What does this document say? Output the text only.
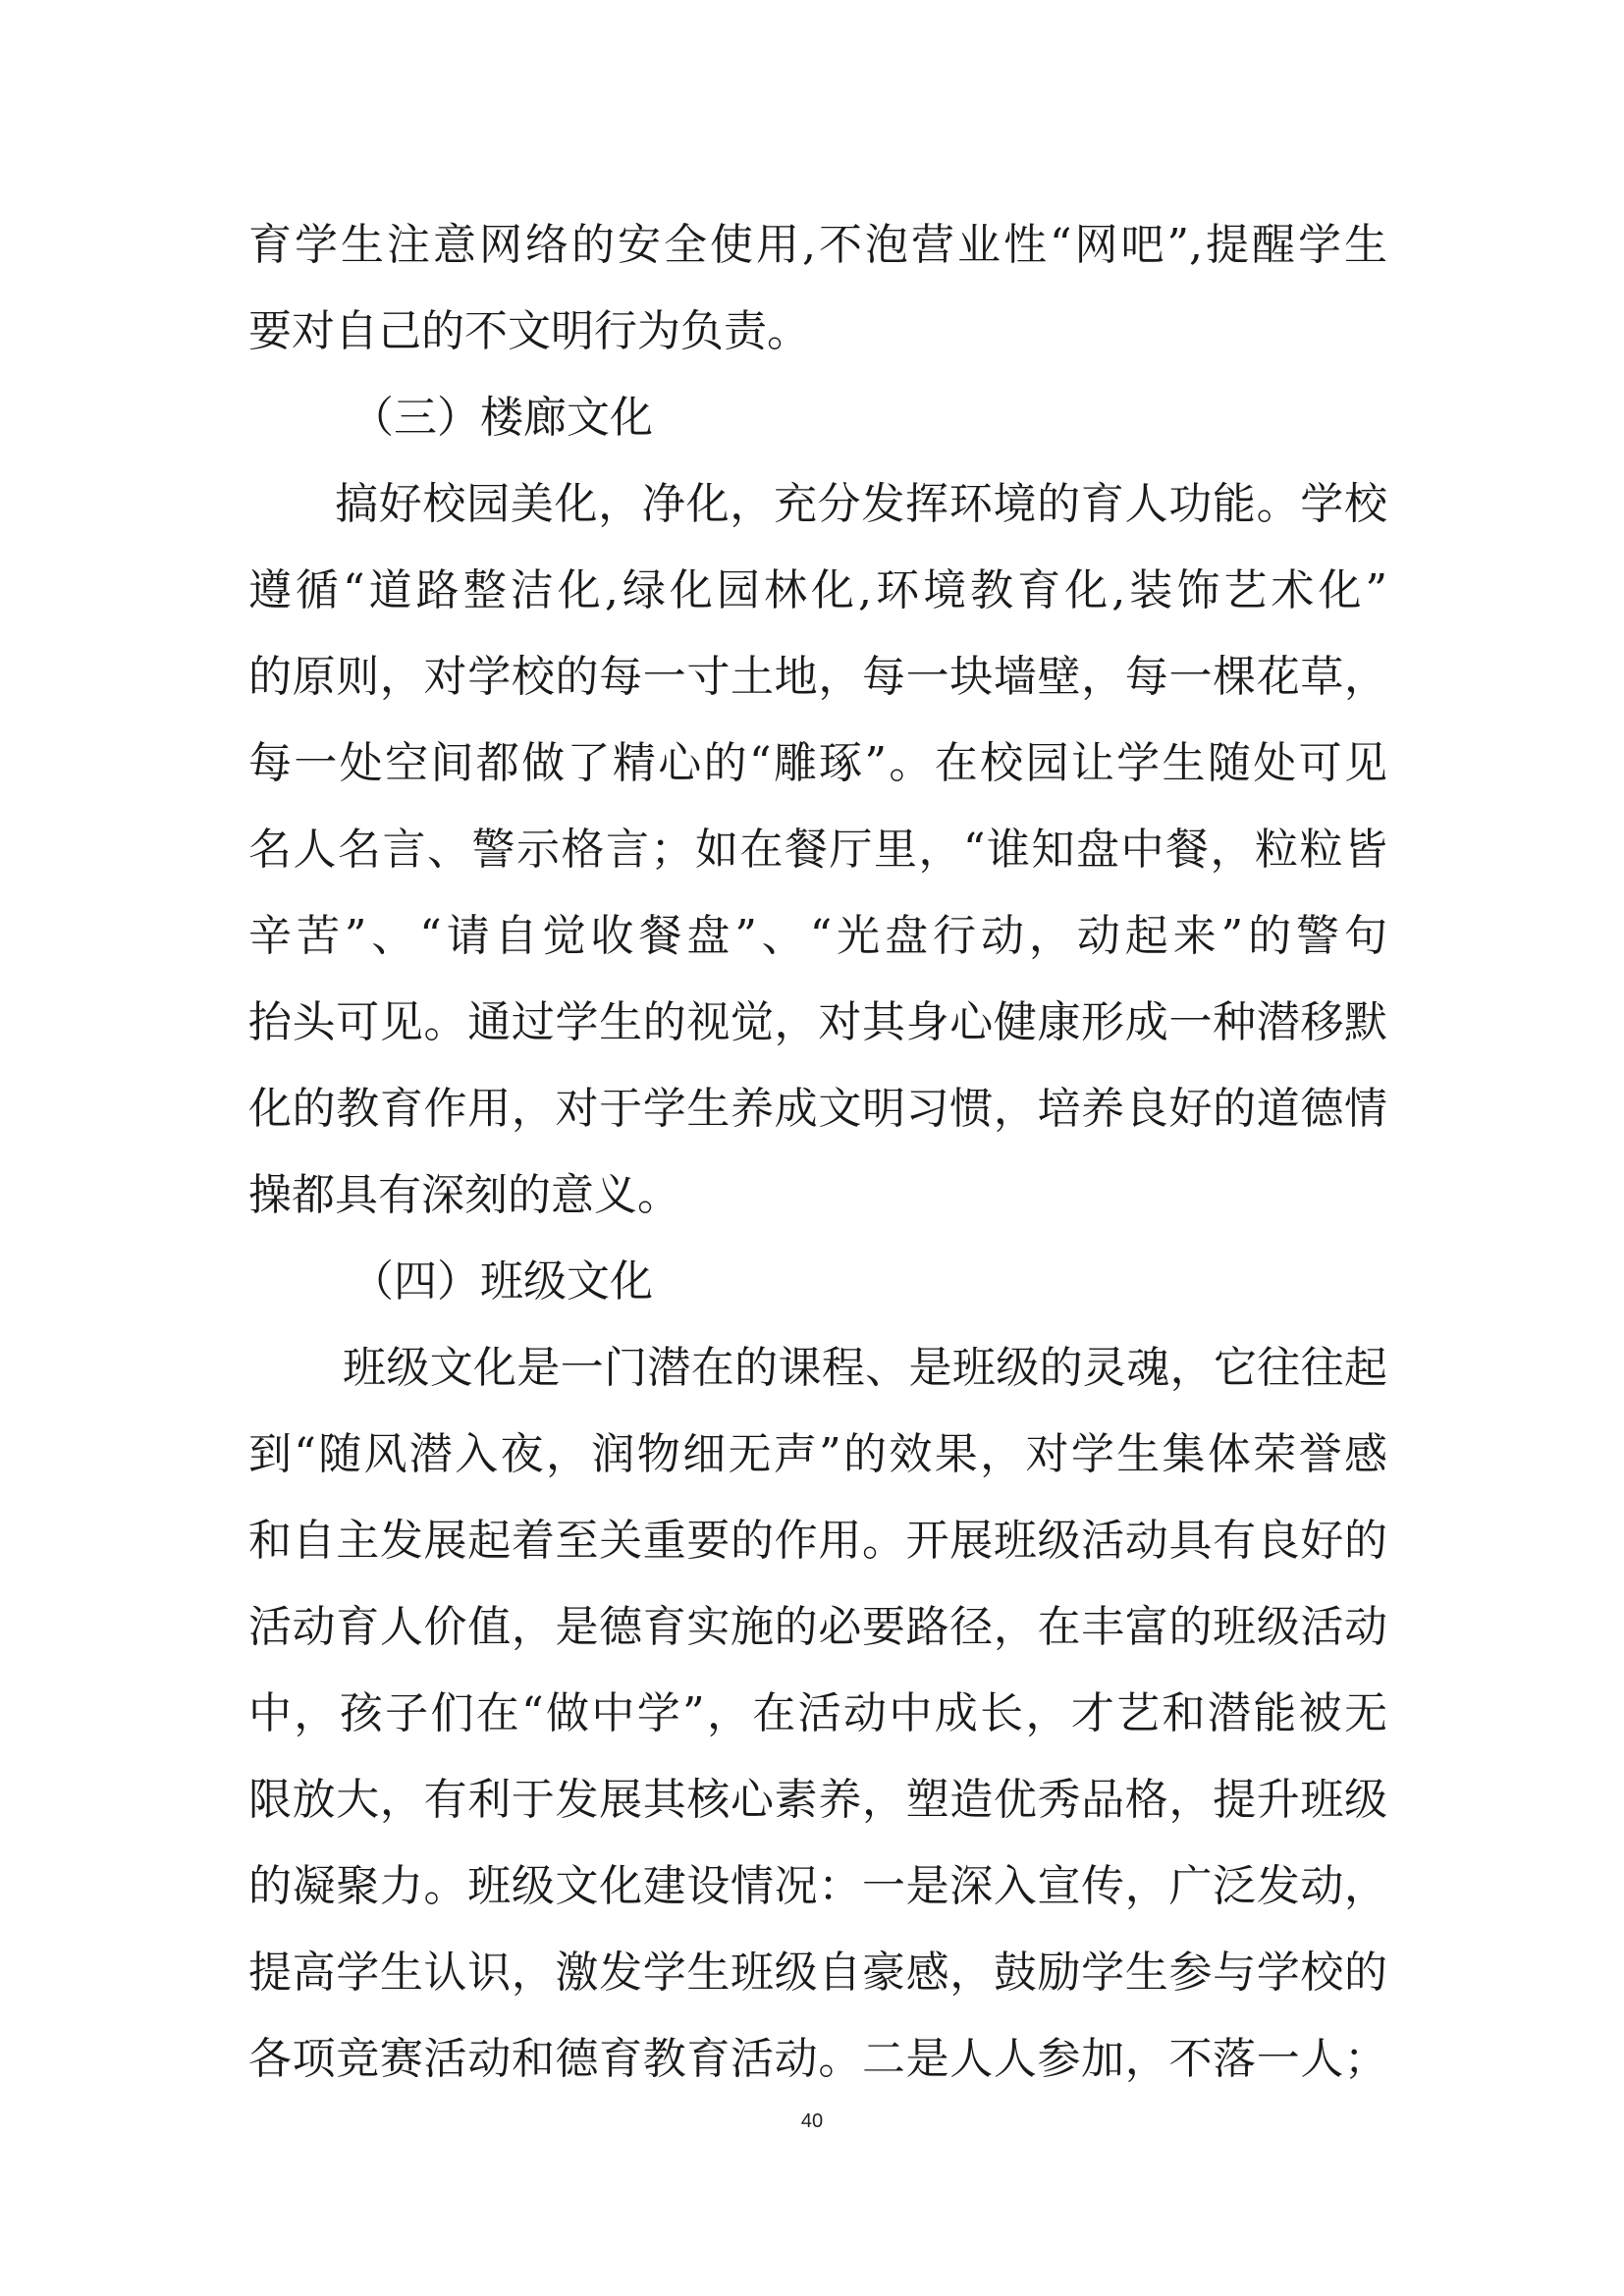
育学生注意网络的安全使用,不泡营业性“网吧”,提醒学生
要对自己的不文明行为负责。
（三）楼廊文化
搞好校园美化，净化，充分发挥环境的育人功能。学校
遵循“道路整洁化,绿化园林化,环境教育化,装饰艺术化”
的原则，对学校的每一寸土地，每一块墙壁，每一棵花草，
每一处空间都做了精心的“雕琢”。在校园让学生随处可见
名人名言、警示格言；如在餐厅里，“谁知盘中餐，粒粒皆
辛苦”、“请自觉收餐盘”、“光盘行动，动起来”的警句
抬头可见。通过学生的视觉，对其身心健康形成一种潜移默
化的教育作用，对于学生养成文明习惯，培养良好的道德情
操都具有深刻的意义。
（四）班级文化
班级文化是一门潜在的课程、是班级的灵魂，它往往起
到“随风潜入夜，润物细无声”的效果，对学生集体荣誉感
和自主发展起着至关重要的作用。开展班级活动具有良好的
活动育人价值，是德育实施的必要路径，在丰富的班级活动
中，孩子们在“做中学”，在活动中成长，才艺和潜能被无
限放大，有利于发展其核心素养，塑造优秀品格，提升班级
的凝聚力。班级文化建设情况：一是深入宣传，广泛发动，
提高学生认识，激发学生班级自豪感，鼓励学生参与学校的
各项竞赛活动和德育教育活动。二是人人参加，不落一人；
40
